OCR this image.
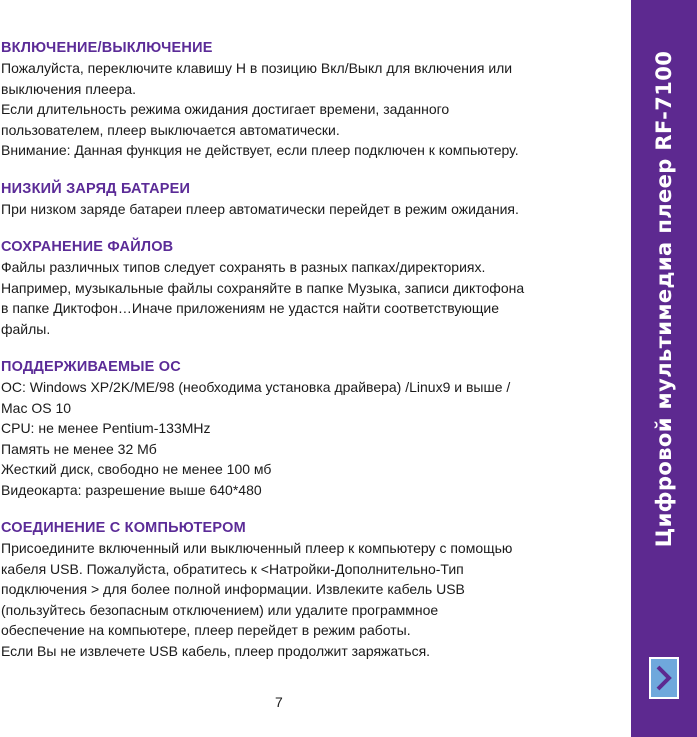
ВКЛЮЧЕНИЕ/ВЫКЛЮЧЕНИЕ
Пожалуйста, переключите клавишу Н в позицию Вкл/Выкл для включения или
выключения плеера.
Если длительность режима ожидания достигает времени, заданного
пользователем, плеер выключается автоматически.
Внимание: Данная функция не действует, если плеер подключен к компьютеру.
НИЗКИЙ ЗАРЯД БАТАРЕИ
При низком заряде батареи плеер автоматически перейдет в режим ожидания.
СОХРАНЕНИЕ ФАЙЛОВ
Файлы различных типов следует сохранять в разных папках/директориях.
Например, музыкальные файлы сохраняйте в папке Музыка, записи диктофона
в папке Диктофон…Иначе приложениям не удастся найти соответствующие
файлы.
ПОДДЕРЖИВАЕМЫЕ ОС
ОС: Windows XP/2K/ME/98 (необходима установка драйвера) /Linux9 и выше /
Mac OS 10
CPU: не менее Pentium-133MHz
Память не менее 32 Мб
Жесткий диск, свободно не менее 100 мб
Видеокарта: разрешение выше 640*480
СОЕДИНЕНИЕ С КОМПЬЮТЕРОМ
Присоедините включенный или выключенный плеер к компьютеру с помощью
кабеля USB. Пожалуйста, обратитесь к <Натройки-Дополнительно-Тип
подключения > для более полной информации. Извлеките кабель USB
(пользуйтесь безопасным отключением) или удалите программное
обеспечение на компьютере, плеер перейдет в режим работы.
Если Вы не извлечете USB кабель, плеер продолжит заряжаться.
7
Цифровой мультимедиа плеер RF-7100
